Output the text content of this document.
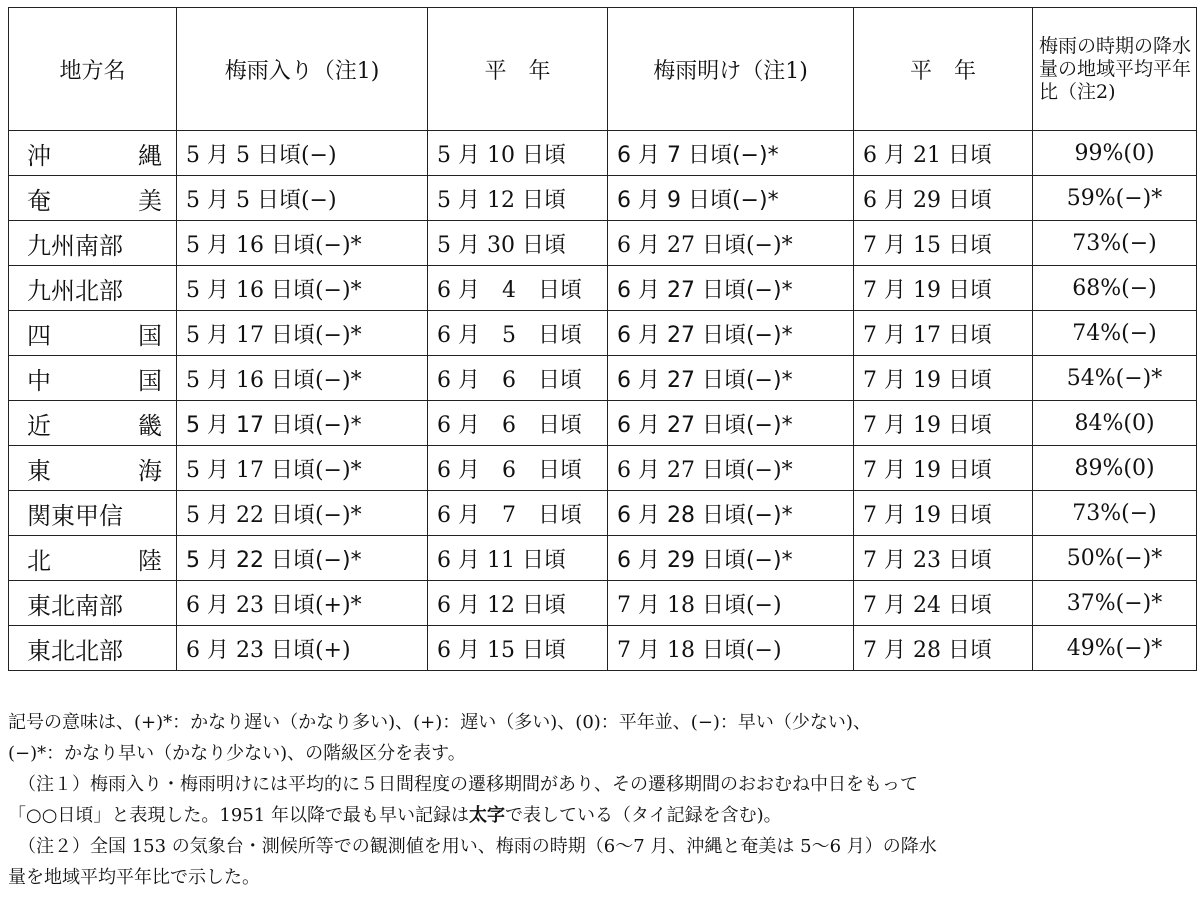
地方名	梅雨入り（注1)	平　年	梅雨明け（注1)	平　年	梅雨の時期の降水量の地域平均平年比（注2)

沖 縄	5 月 5 日頃(−)	5 月 10 日頃	6 月 7 日頃(−)*	6 月 21 日頃	99%(0)

奄 美	5 月 5 日頃(−)	5 月 12 日頃	6 月 9 日頃(−)*	6 月 29 日頃	59%(−)*

九州南部	5 月 16 日頃(−)*	5 月 30 日頃	6 月 27 日頃(−)*	7 月 15 日頃	73%(−)

九州北部	5 月 16 日頃(−)*	6 月　4　日頃	6 月 27 日頃(−)*	7 月 19 日頃	68%(−)

四 国	5 月 17 日頃(−)*	6 月　5　日頃	6 月 27 日頃(−)*	7 月 17 日頃	74%(−)

中 国	5 月 16 日頃(−)*	6 月　6　日頃	6 月 27 日頃(−)*	7 月 19 日頃	54%(−)*

近 畿	5 月 17 日頃(−)*	6 月　6　日頃	6 月 27 日頃(−)*	7 月 19 日頃	84%(0)

東 海	5 月 17 日頃(−)*	6 月　6　日頃	6 月 27 日頃(−)*	7 月 19 日頃	89%(0)

関東甲信	5 月 22 日頃(−)*	6 月　7　日頃	6 月 28 日頃(−)*	7 月 19 日頃	73%(−)

北 陸	5 月 22 日頃(−)*	6 月 11 日頃	6 月 29 日頃(−)*	7 月 23 日頃	50%(−)*

東北南部	6 月 23 日頃(+)*	6 月 12 日頃	7 月 18 日頃(−)	7 月 24 日頃	37%(−)*

東北北部	6 月 23 日頃(+)	6 月 15 日頃	7 月 18 日頃(−)	7 月 28 日頃	49%(−)*

記号の意味は、(+)*：かなり遅い（かなり多い)、(+)：遅い（多い)、(0)：平年並、(−)：早い（少ない)、

(−)*：かなり早い（かなり少ない)、の階級区分を表す。

（注１）梅雨入り・梅雨明けには平均的に５日間程度の遷移期間があり、その遷移期間のおおむね中日をもって

「○○日頃」と表現した。1951 年以降で最も早い記録は太字で表している（タイ記録を含む)。

（注２）全国 153 の気象台・測候所等での観測値を用い、梅雨の時期（6〜7 月、沖縄と奄美は 5〜6 月）の降水

量を地域平均平年比で示した。
